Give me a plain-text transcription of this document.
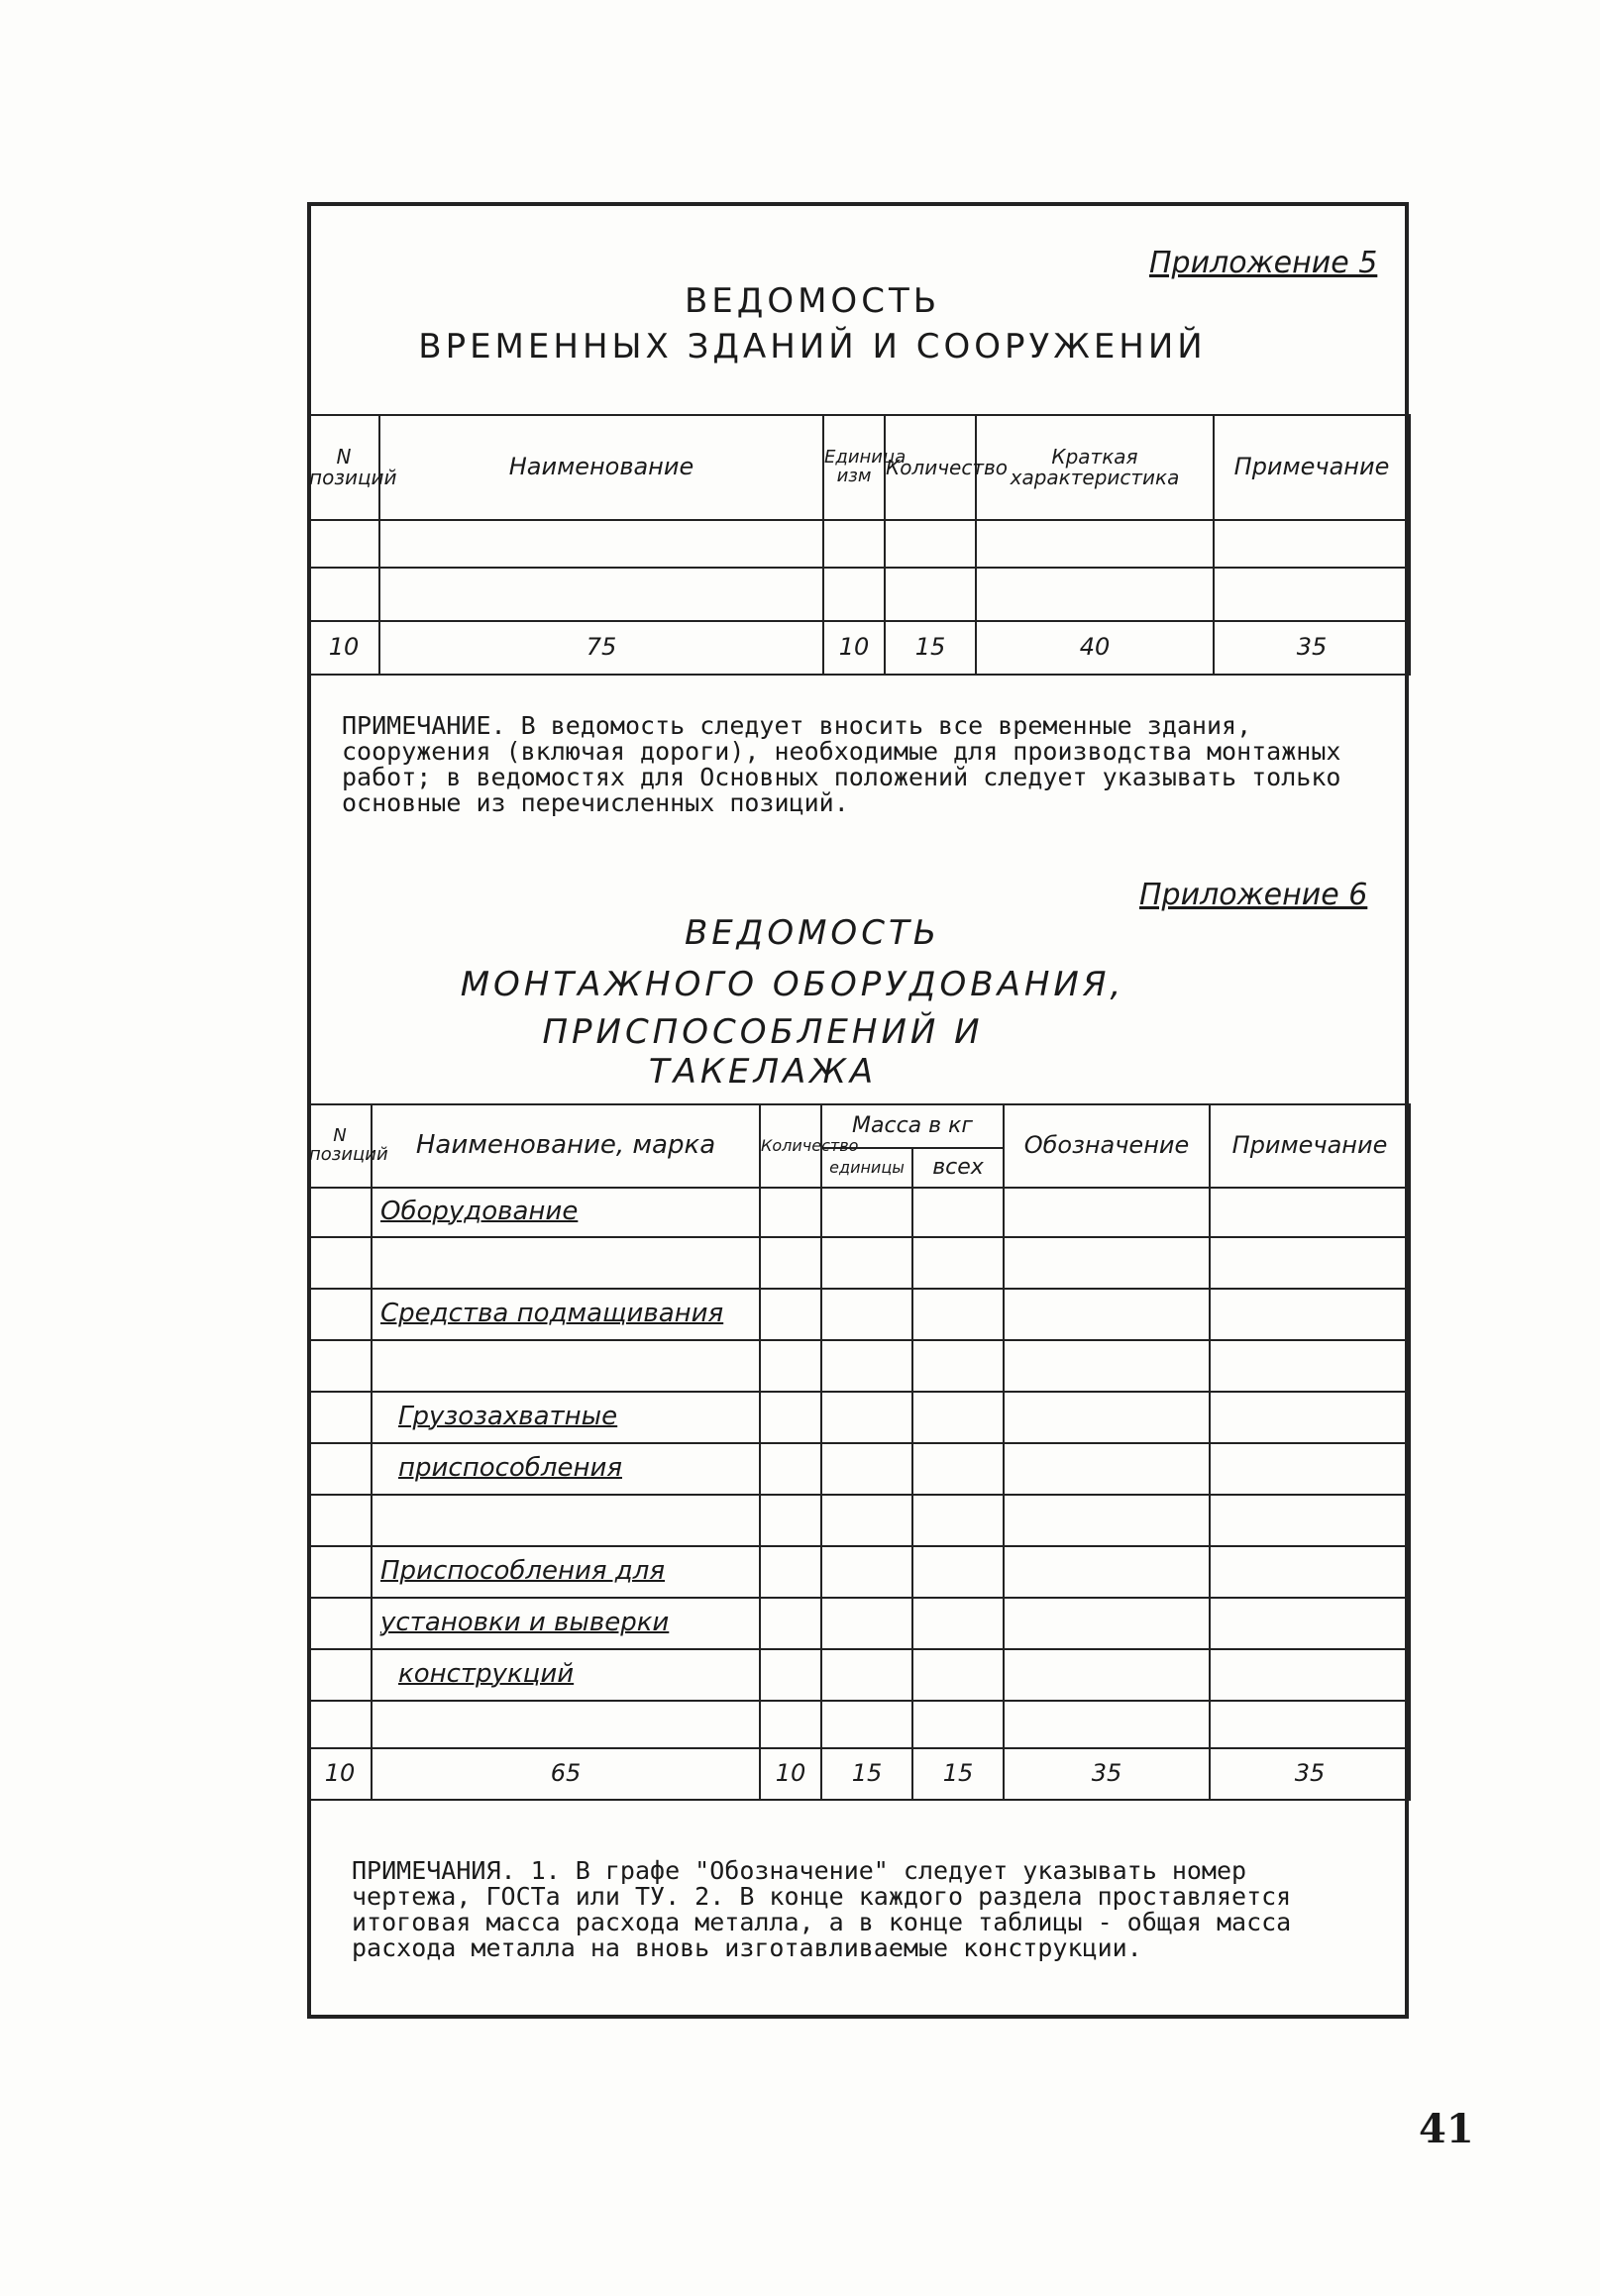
Приложение 5
ВЕДОМОСТЬ
ВРЕМЕННЫХ ЗДАНИЙ И СООРУЖЕНИЙ
N позиций	Наименование	Единица изм	Количество	Краткая характеристика	Примечание

10	75	10	15	40	35
ПРИМЕЧАНИЕ. В ведомость следует вносить все временные здания, сооружения (включая дороги), необходимые для производства монтажных работ; в ведомостях для Основных положений следует указывать только основные из перечисленных позиций.
Приложение 6
ВЕДОМОСТЬ
МОНТАЖНОГО ОБОРУДОВАНИЯ,
ПРИСПОСОБЛЕНИЙ И ТАКЕЛАЖА
N позиций	Наименование, марка	Количество	Масса в кг		Обозначение	Примечание
			единицы	всех		
	Оборудование					

	Средства подмащивания					

	Грузозахватные					
	приспособления					

	Приспособления для					
	установки и выверки					
	конструкций					

10	65	10	15	15	35	35
ПРИМЕЧАНИЯ. 1. В графе "Обозначение" следует указывать номер чертежа, ГОСТа или ТУ. 2. В конце каждого раздела проставляется итоговая масса расхода металла, а в конце таблицы - общая масса расхода металла на вновь изготавливаемые конструкции.
41
